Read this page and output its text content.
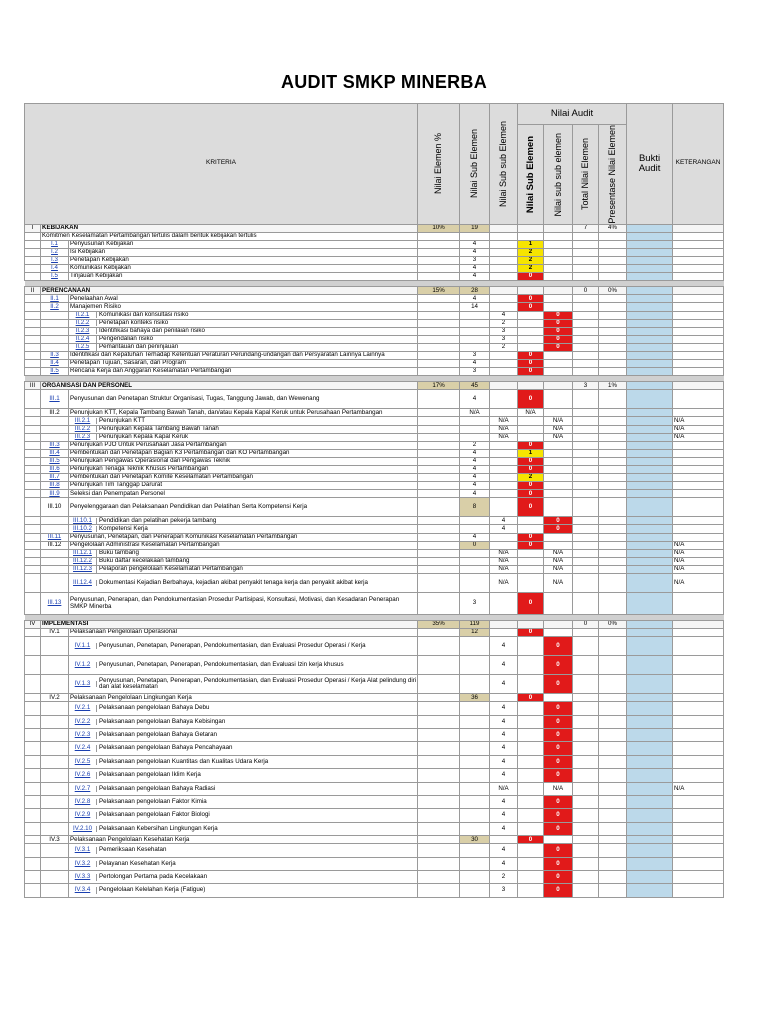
AUDIT SMKP MINERBA
KRITERIA			Nilai Elemen %	Nilai Sub Elemen	Nilai Sub sub Elemen	Nilai Audit				Bukti Audit	KETERANGAN

						Nilai Sub Elemen	Nilai sub sub elemen	Total Nilai Elemen	Presentase Nilai Elemen		

I	KEBIJAKAN		10%	19				7	4%		
	Komitmen Keselamatan Pertambangan tertulis dalam bentuk kebijakan tertulis										
	I.1	Penyusunan Kebijakan		4		1					
	I.2	Isi Kebijakan		4		2					
	I.3	Penetapan Kebijakan		3		2					
	I.4	Komunikasi Kebijakan		4		2					
	I.5	Tinjauan Kebijakan		4		0					

II	PERENCANAAN		15%	28				0	0%		
	II.1	Penelaahan Awal		4		0					
	II.2	Manajemen Risiko		14		0					

		II.2.1 Komunikasi dan konsultasi risiko			4		0				

		II.2.2 Penetapan konteks risiko			2		0				

		II.2.3 Identifikasi bahaya dan penilaian risiko			3		0				

		II.2.4 Pengendalian risiko			3		0				

		II.2.5 Pemantauan dan peninjauan			2		0				
	II.3	Identifikasi dan Kepatuhan Terhadap Ketentuan Peraturan Perundang-undangan dan Persyaratan Lainnya Lainnya		3		0					
	II.4	Penetapan Tujuan, Sasaran, dan Program		4		0					
	II.5	Rencana Kerja dan Anggaran Keselamatan Pertambangan		3		0					

III	ORGANISASI DAN PERSONEL		17%	45				3	1%		
	III.1	Penyusunan dan Penetapan Struktur Organisasi, Tugas, Tanggung Jawab, dan Wewenang		4		0					
	III.2	Penunjukan KTT, Kepala Tambang Bawah Tanah, dan/atau Kepala Kapal Keruk untuk Perusahaan Pertambangan		N/A		N/A					

		III.2.1 Penunjukan KTT			N/A		N/A				N/A

		III.2.2 Penunjukan Kepala Tambang Bawah Tanah			N/A		N/A				N/A

		III.2.3 Penunjukan Kepala Kapal Keruk			N/A		N/A				N/A
	III.3	Penunjukan PJO Untuk Perusahaan Jasa Pertambangan		2		0					
	III.4	Pembentukan dan Penetapan Bagian K3 Pertambangan dan KO Pertambangan		4		1					
	III.5	Penunjukan Pengawas Operasional dan Pengawas Teknik		4		0					
	III.6	Penunjukan Tenaga Teknik Khusus Pertambangan		4		0					
	III.7	Pembentukan dan Penetapan Komite Keselamatan Pertambangan		4		2					
	III.8	Penunjukan Tim Tanggap Darurat		4		0					
	III.9	Seleksi dan Penempatan Personel		4		0					
	III.10	Penyelenggaraan dan Pelaksanaan Pendidikan dan Pelatihan Serta Kompetensi Kerja		8		0					

		III.10.1 Pendidikan dan pelatihan pekerja tambang			4		0				

		III.10.2 Kompetensi Kerja			4		0				
	III.11	Penyusunan, Penetapan, dan Penerapan Komunikasi Keselamatan Pertambangan		4		0					
	III.12	Pengelolaan Administrasi Keselamatan Pertambangan		0		0					N/A

		III.12.1 Buku tambang			N/A		N/A				N/A

		III.12.2 Buku daftar kecelakaan tambang			N/A		N/A				N/A

		III.12.3 Pelaporan pengelolaan Keselamatan Pertambangan			N/A		N/A				N/A

		III.12.4 Dokumentasi Kejadian Berbahaya, kejadian akibat penyakit tenaga kerja dan penyakit akibat kerja			N/A		N/A				N/A
	III.13	Penyusunan, Penerapan, dan Pendokumentasian Prosedur Partisipasi, Konsultasi, Motivasi, dan Kesadaran Penerapan SMKP Minerba		3		0					

IV	IMPLEMENTASI		35%	119				0	0%		
	IV.1	Pelaksanaan Pengelolaan Operasional		12		0					

		IV.1.1 Penyusunan, Penetapan, Penerapan, Pendokumentasian, dan Evaluasi Prosedur Operasi / Kerja			4		0				

		IV.1.2 Penyusunan, Penetapan, Penerapan, Pendokumentasian, dan Evaluasi Izin kerja khusus			4		0				

		IV.1.3 Penyusunan, Penetapan, Penerapan, Pendokumentasian, dan Evaluasi Prosedur Operasi / Kerja Alat pelindung diri dan alat keselamatan			4		0				
	IV.2	Pelaksanaan Pengelolaan Lingkungan Kerja		36		0					

		IV.2.1 Pelaksanaan pengelolaan Bahaya Debu			4		0				

		IV.2.2 Pelaksanaan pengelolaan Bahaya Kebisingan			4		0				

		IV.2.3 Pelaksanaan pengelolaan Bahaya Getaran			4		0				

		IV.2.4 Pelaksanaan pengelolaan Bahaya Pencahayaan			4		0				

		IV.2.5 Pelaksanaan pengelolaan Kuantitas dan Kualitas Udara Kerja			4		0				

		IV.2.6 Pelaksanaan pengelolaan Iklim Kerja			4		0				

		IV.2.7 Pelaksanaan pengelolaan Bahaya Radiasi			N/A		N/A				N/A

		IV.2.8 Pelaksanaan pengelolaan Faktor Kimia			4		0				

		IV.2.9 Pelaksanaan pengelolaan Faktor Biologi			4		0				

		IV.2.10 Pelaksanaan Kebersihan Lingkungan Kerja			4		0				
	IV.3	Pelaksanaan Pengelolaan Kesehatan Kerja		30		0					

		IV.3.1 Pemeriksaan Kesehatan			4		0				

		IV.3.2 Pelayanan Kesehatan Kerja			4		0				

		IV.3.3 Pertolongan Pertama pada Kecelakaan			2		0				

		IV.3.4 Pengelolaan Kelelahan Kerja (Fatigue)			3		0				
